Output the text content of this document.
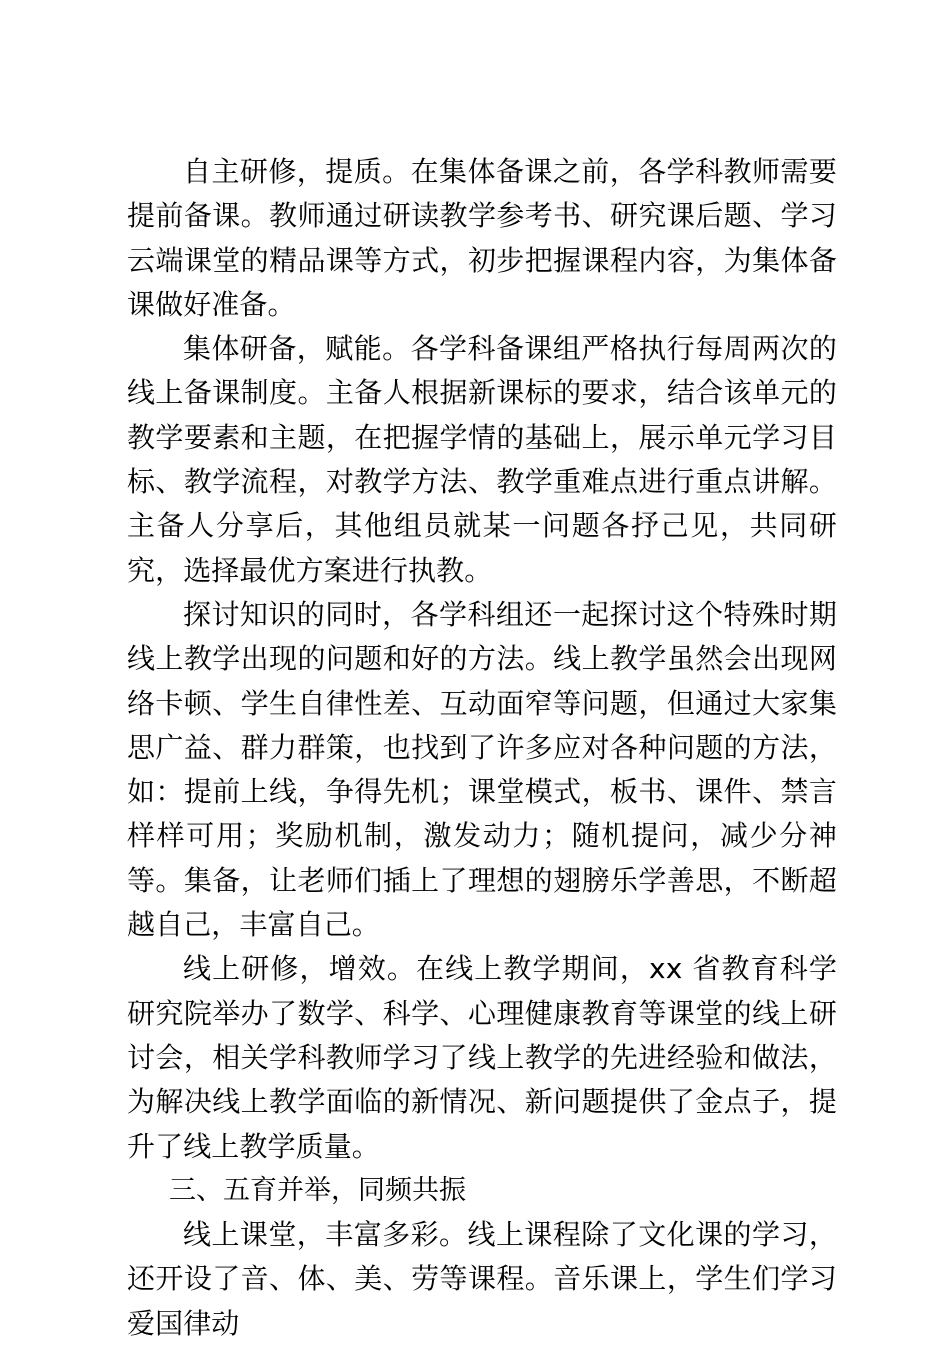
自主研修，提质。在集体备课之前，各学科教师需要提前备课。教师通过研读教学参考书、研究课后题、学习云端课堂的精品课等方式，初步把握课程内容，为集体备课做好准备。

集体研备，赋能。各学科备课组严格执行每周两次的线上备课制度。主备人根据新课标的要求，结合该单元的教学要素和主题，在把握学情的基础上，展示单元学习目标、教学流程，对教学方法、教学重难点进行重点讲解。主备人分享后，其他组员就某一问题各抒己见，共同研究，选择最优方案进行执教。

探讨知识的同时，各学科组还一起探讨这个特殊时期线上教学出现的问题和好的方法。线上教学虽然会出现网络卡顿、学生自律性差、互动面窄等问题，但通过大家集思广益、群力群策，也找到了许多应对各种问题的方法，如：提前上线，争得先机；课堂模式，板书、课件、禁言样样可用；奖励机制，激发动力；随机提问，减少分神等。集备，让老师们插上了理想的翅膀乐学善思，不断超越自己，丰富自己。

线上研修，增效。在线上教学期间，xx 省教育科学研究院举办了数学、科学、心理健康教育等课堂的线上研讨会，相关学科教师学习了线上教学的先进经验和做法，为解决线上教学面临的新情况、新问题提供了金点子，提升了线上教学质量。

三、五育并举，同频共振

线上课堂，丰富多彩。线上课程除了文化课的学习，还开设了音、体、美、劳等课程。音乐课上，学生们学习爱国律动
